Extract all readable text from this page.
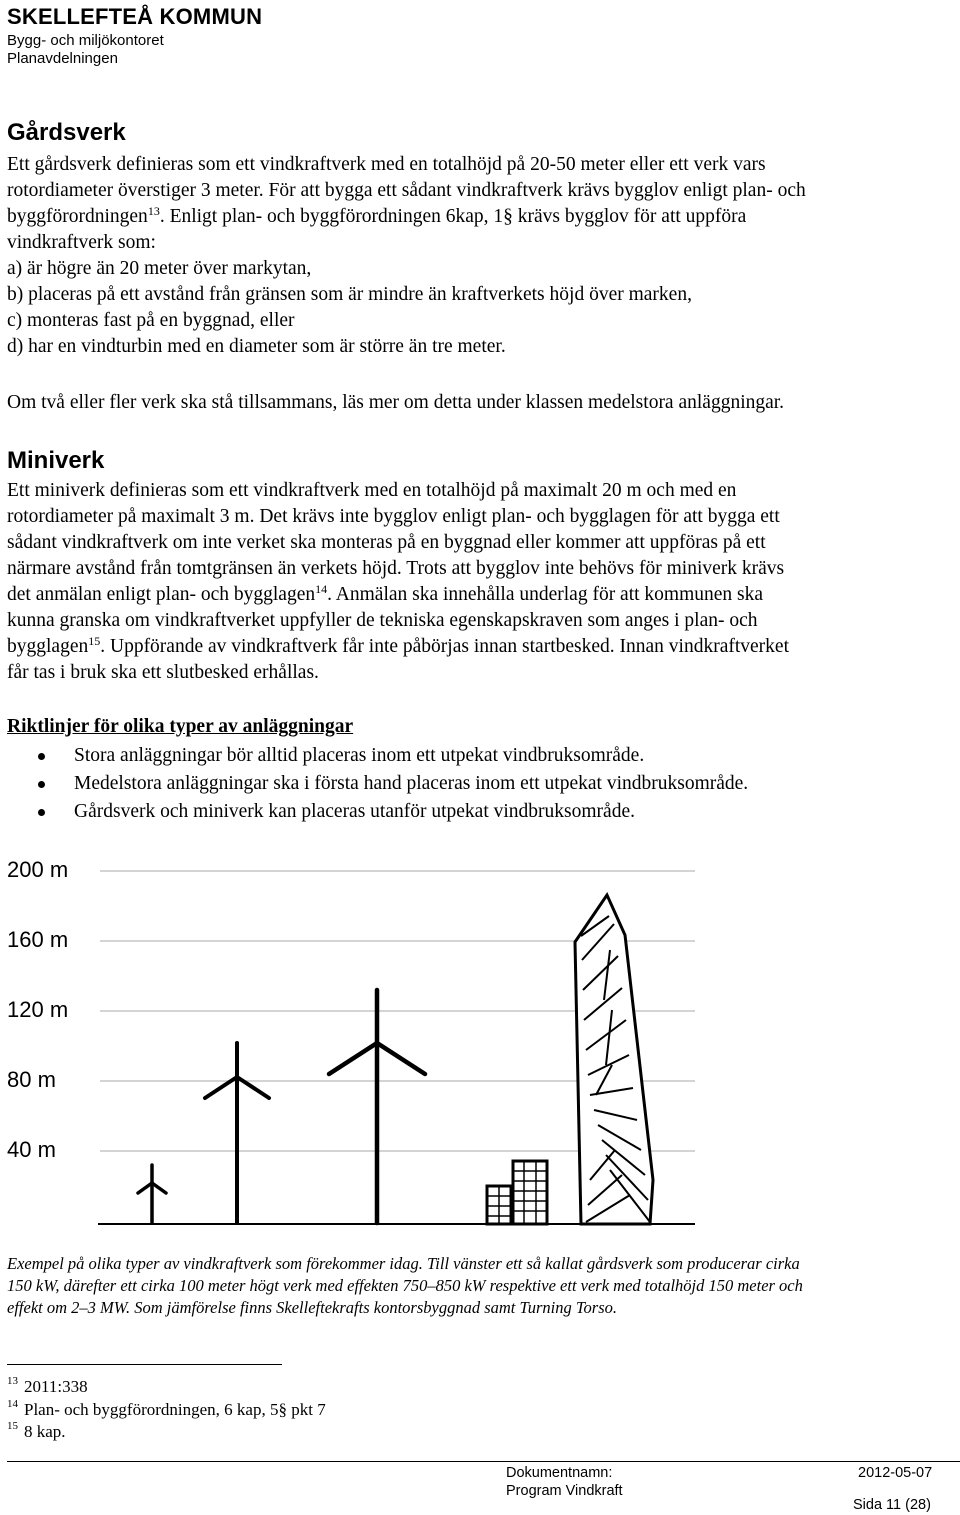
SKELLEFTEÅ KOMMUN
Bygg- och miljökontoret
Planavdelningen
Gårdsverk
Ett gårdsverk definieras som ett vindkraftverk med en totalhöjd på 20-50 meter eller ett verk vars
rotordiameter överstiger 3 meter. För att bygga ett sådant vindkraftverk krävs bygglov enligt plan- och
byggförordningen$^{13}$. Enligt plan- och byggförordningen 6kap, 1§ krävs bygglov för att uppföra
vindkraftverk som:
a) är högre än 20 meter över markytan,
b) placeras på ett avstånd från gränsen som är mindre än kraftverkets höjd över marken,
c) monteras fast på en byggnad, eller
d) har en vindturbin med en diameter som är större än tre meter.
Om två eller fler verk ska stå tillsammans, läs mer om detta under klassen medelstora anläggningar.
Miniverk
Ett miniverk definieras som ett vindkraftverk med en totalhöjd på maximalt 20 m och med en
rotordiameter på maximalt 3 m. Det krävs inte bygglov enligt plan- och bygglagen för att bygga ett
sådant vindkraftverk om inte verket ska monteras på en byggnad eller kommer att uppföras på ett
närmare avstånd från tomtgränsen än verkets höjd. Trots att bygglov inte behövs för miniverk krävs
det anmälan enligt plan- och bygglagen$^{14}$. Anmälan ska innehålla underlag för att kommunen ska
kunna granska om vindkraftverket uppfyller de tekniska egenskapskraven som anges i plan- och
bygglagen$^{15}$. Uppförande av vindkraftverk får inte påbörjas innan startbesked. Innan vindkraftverket
får tas i bruk ska ett slutbesked erhållas.
Riktlinjer för olika typer av anläggningar
Stora anläggningar bör alltid placeras inom ett utpekat vindbruksområde.
Medelstora anläggningar ska i första hand placeras inom ett utpekat vindbruksområde.
Gårdsverk och miniverk kan placeras utanför utpekat vindbruksområde.
200 m
160 m
120 m
80 m
40 m
Exempel på olika typer av vindkraftverk som förekommer idag. Till vänster ett så kallat gårdsverk som producerar cirka
150 kW, därefter ett cirka 100 meter högt verk med effekten 750–850 kW respektive ett verk med totalhöjd 150 meter och
effekt om 2–3 MW. Som jämförelse finns Skelleftekrafts kontorsbyggnad samt Turning Torso.
$^{13}$ 2011:338
$^{14}$ Plan- och byggförordningen, 6 kap, 5§ pkt 7
$^{15}$ 8 kap.
Dokumentnamn:
Program Vindkraft
2012-05-07
Sida 11 (28)
